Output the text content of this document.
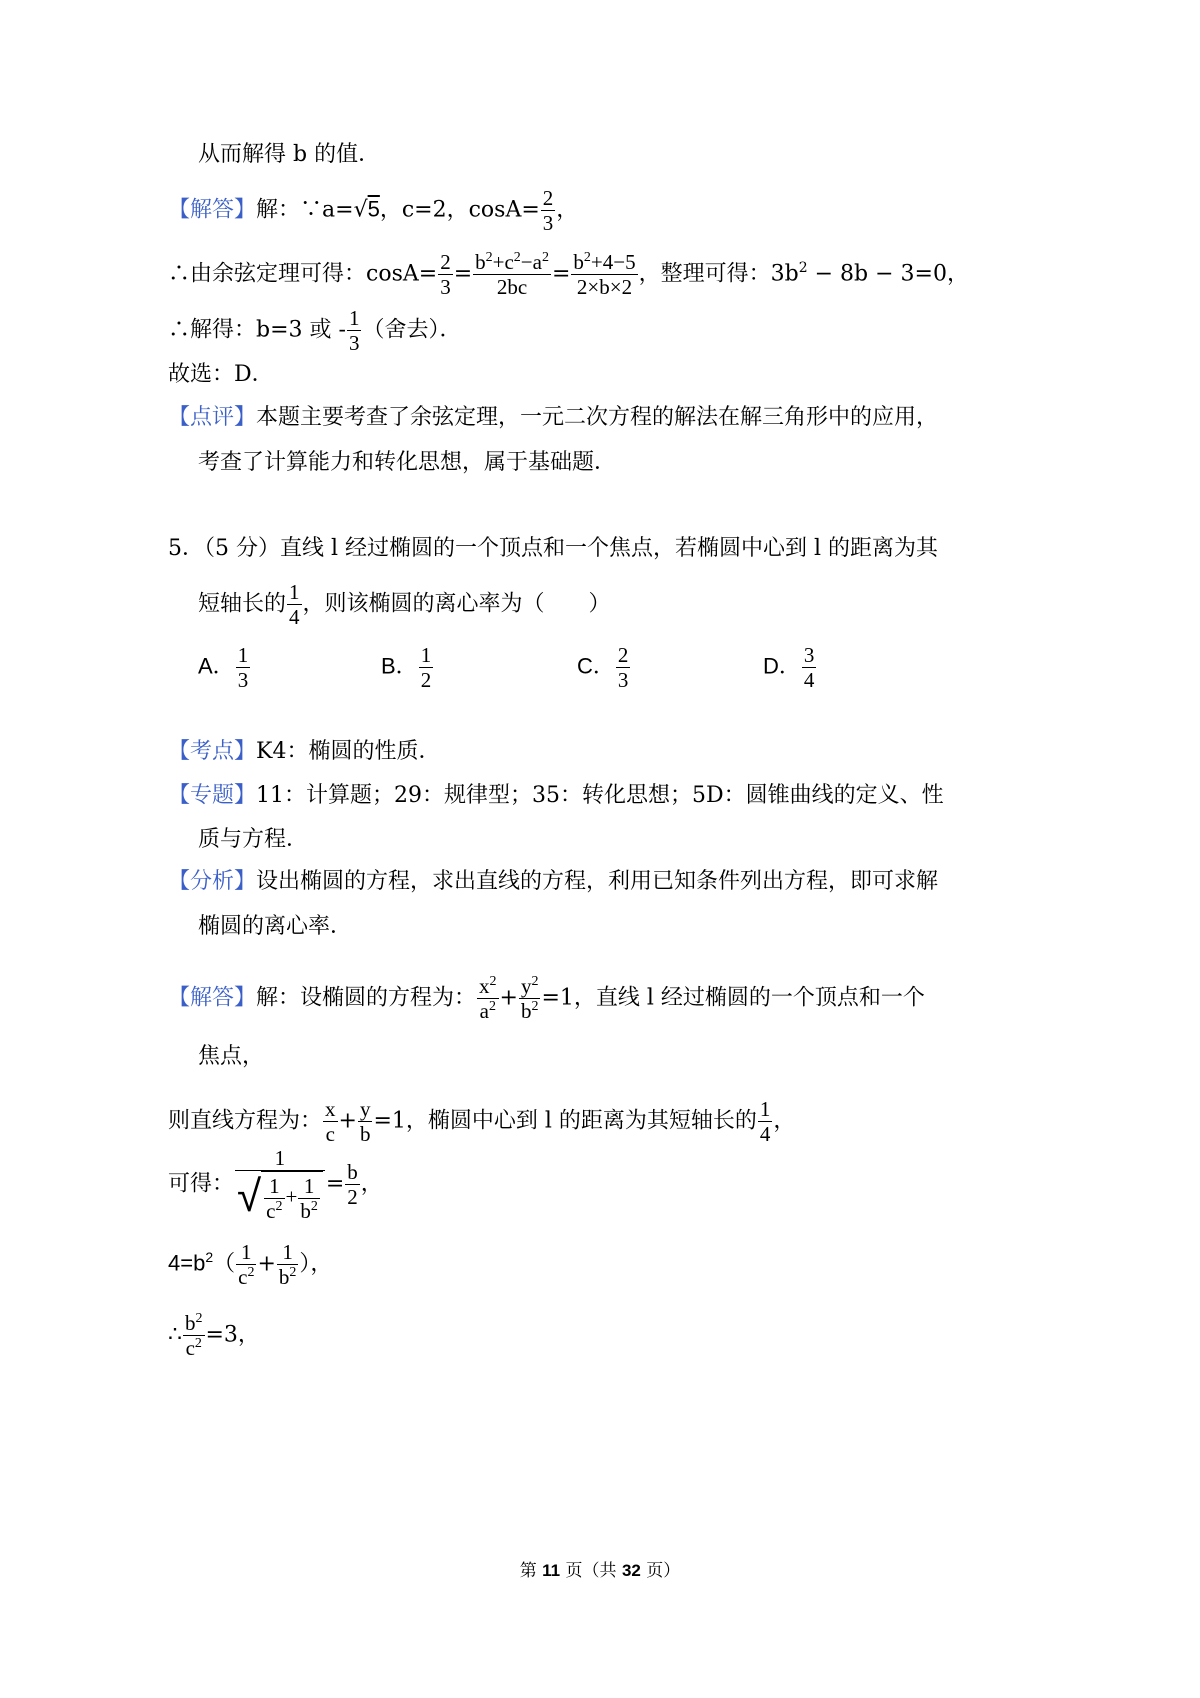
从而解得 b 的值．
【解答】解：∵a=√5，c=2，$\cos A= \frac{2}{3}$ ，
∴由余弦定理可得：$\cos A= \frac{2}{3} = \frac{b^2+c^2-a^2}{2bc} = \frac{b^2+4-5}{2\times b\times 2}$ ，整理可得：$3b^2 - 8b - 3=0$，
∴解得：b=3 或 - $\frac{1}{3}$ （舍去）．
故选：D．
【点评】本题主要考查了余弦定理，一元二次方程的解法在解三角形中的应用，
考查了计算能力和转化思想，属于基础题．
5．（5 分）直线 l 经过椭圆的一个顶点和一个焦点，若椭圆中心到 l 的距离为其
短轴长的 $\frac{1}{4}$ ，则该椭圆的离心率为（　　）
A． $\frac{1}{3}$	B． $\frac{1}{2}$	C． $\frac{2}{3}$	D． $\frac{3}{4}$
【考点】K4：椭圆的性质．
【专题】11：计算题；29：规律型；35：转化思想；5D：圆锥曲线的定义、性
质与方程．
【分析】设出椭圆的方程，求出直线的方程，利用已知条件列出方程，即可求解
椭圆的离心率．
【解答】解：设椭圆的方程为： $\frac{x^2}{a^2} + \frac{y^2}{b^2} =1$，直线 l 经过椭圆的一个顶点和一个
焦点，
则直线方程为： $\frac{x}{c} + \frac{y}{b} =1$，椭圆中心到 l 的距离为其短轴长的 $\frac{1}{4}$ ，
可得： $\frac{1}{√ \frac{1}{c^2} + \frac{1}{b^2}} = \frac{b}{2}$ ，
$4=b^2( \frac{1}{c^2} + \frac{1}{b^2}$ ），
∴ $\frac{b^2}{c^2} =3$，
第 11 页（共 32 页）
